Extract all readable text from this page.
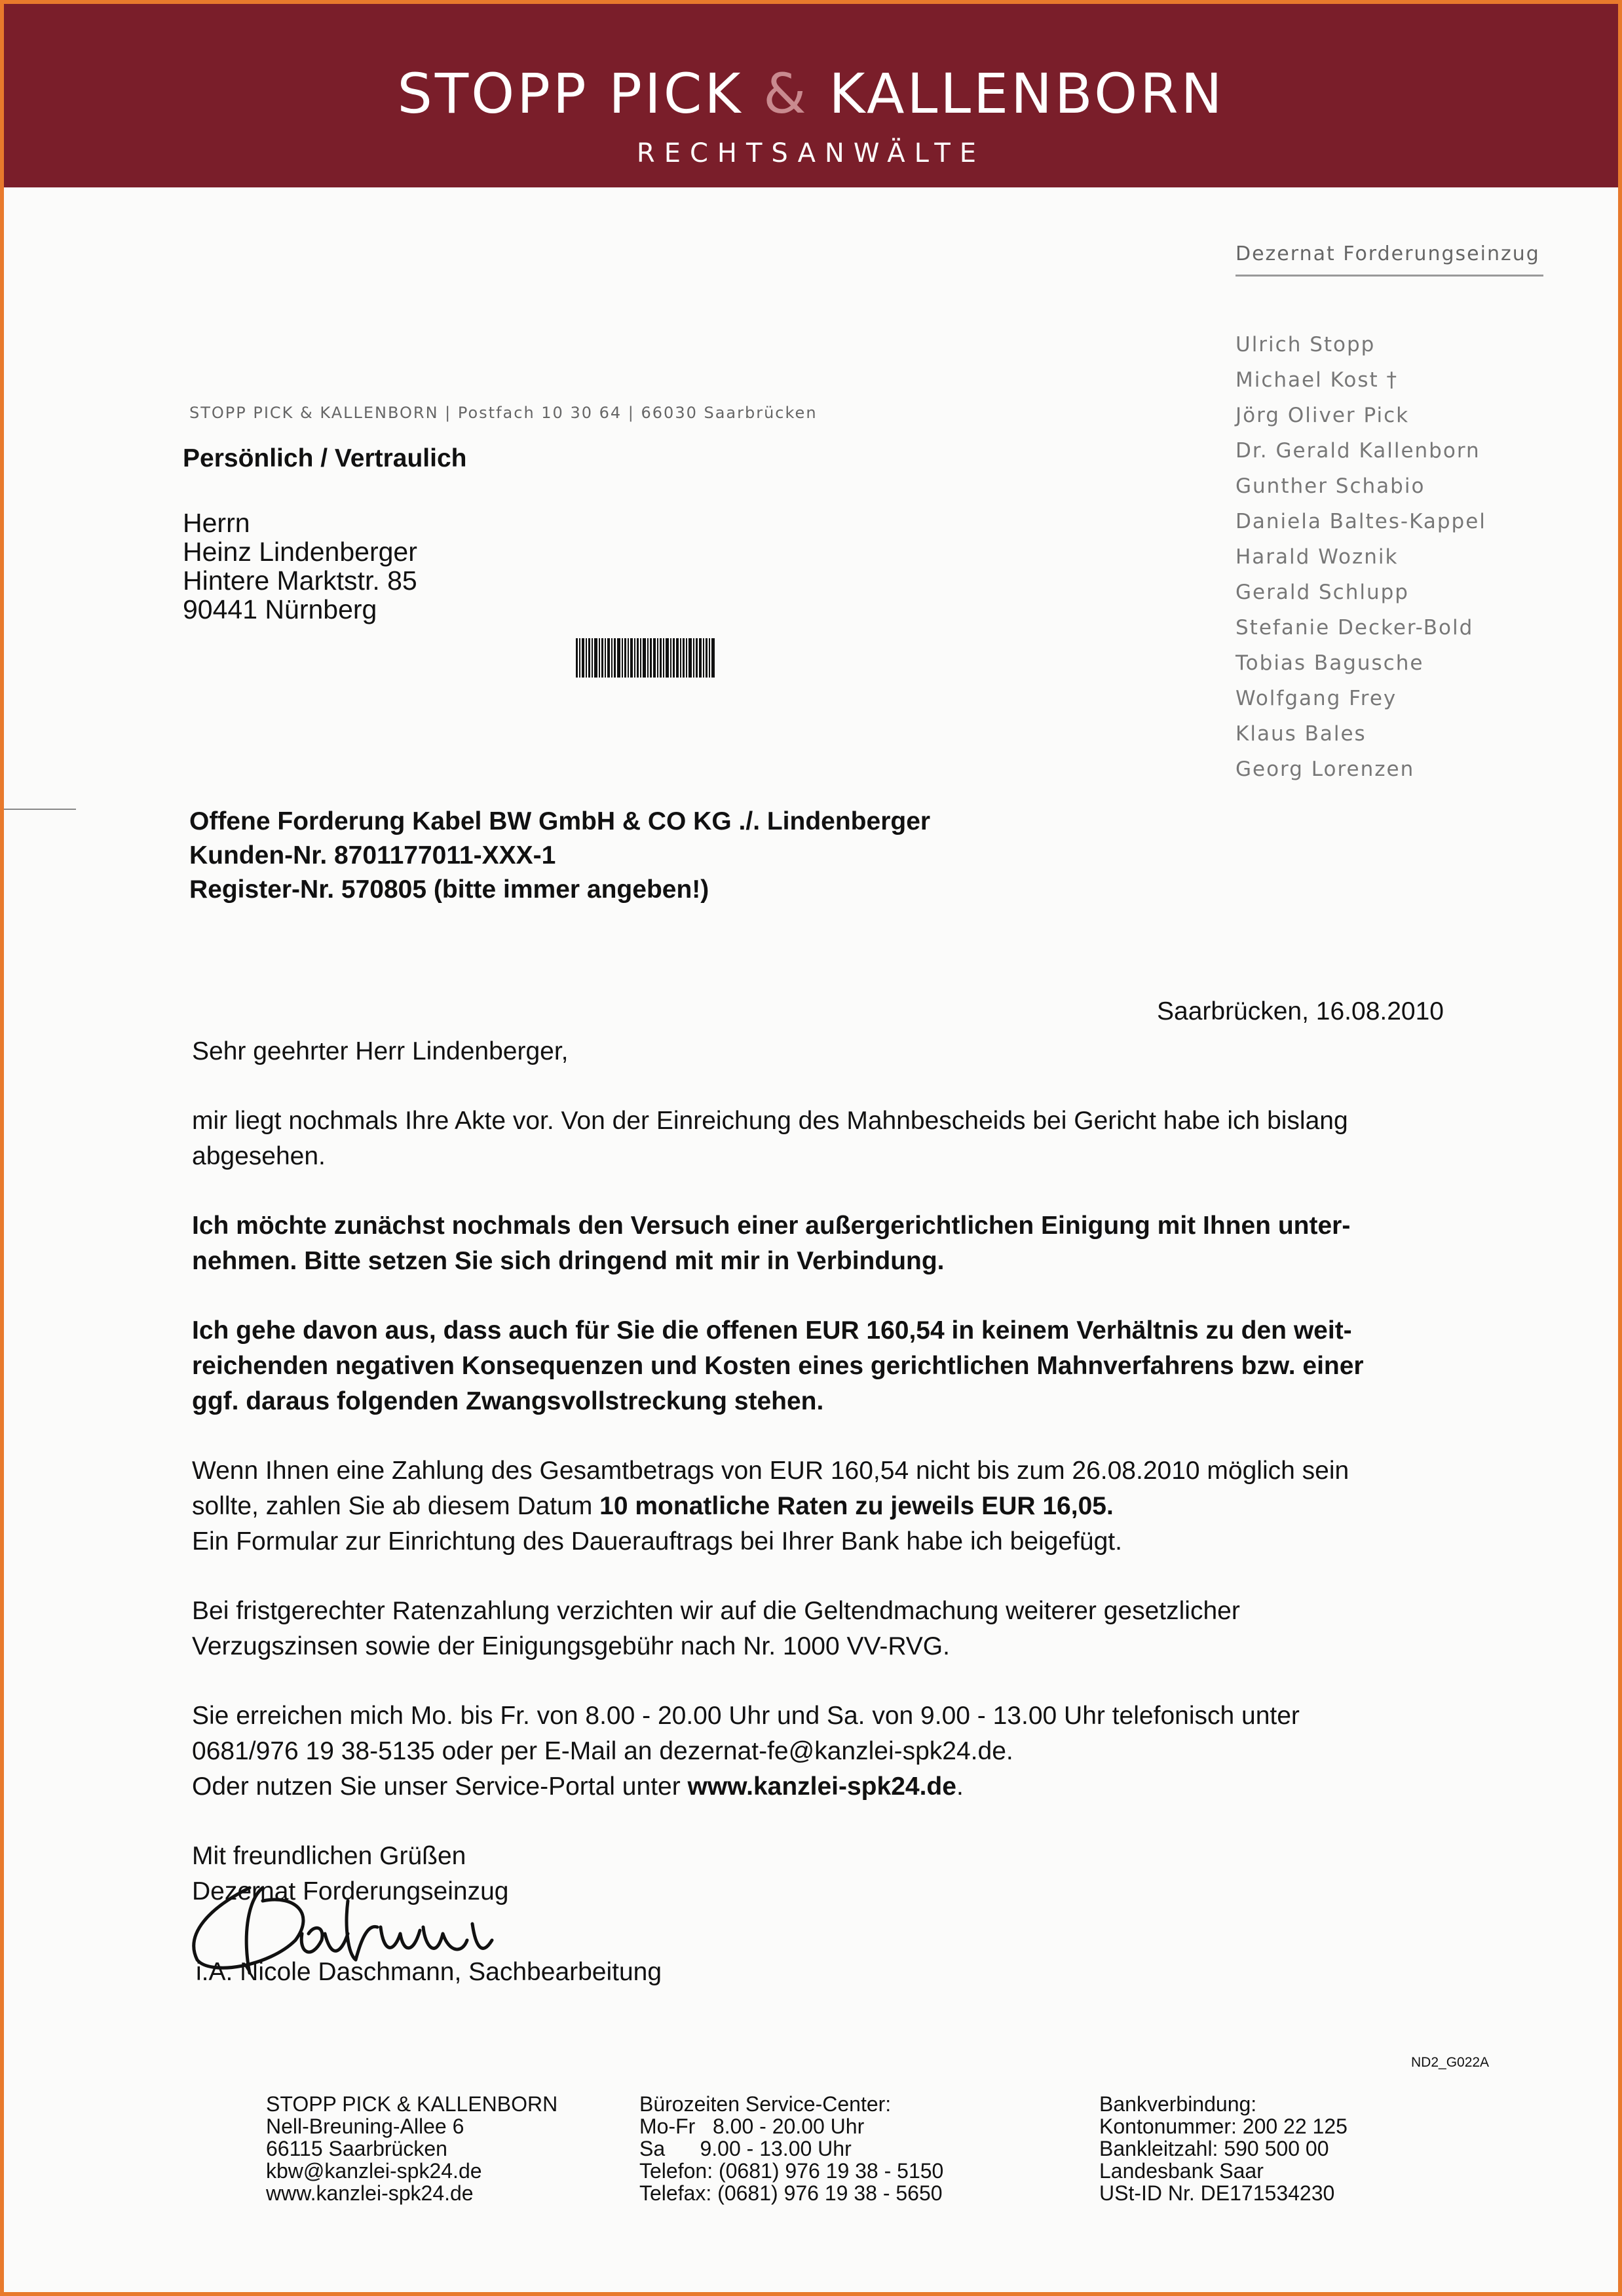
STOPP PICK & KALLENBORN
RECHTSANWÄLTE
Dezernat Forderungseinzug
Ulrich Stopp
Michael Kost †
Jörg Oliver Pick
Dr. Gerald Kallenborn
Gunther Schabio
Daniela Baltes-Kappel
Harald Woznik
Gerald Schlupp
Stefanie Decker-Bold
Tobias Bagusche
Wolfgang Frey
Klaus Bales
Georg Lorenzen
STOPP PICK & KALLENBORN | Postfach 10 30 64 | 66030 Saarbrücken
Persönlich / Vertraulich
Herrn
Heinz Lindenberger
Hintere Marktstr. 85
90441 Nürnberg
Offene Forderung Kabel BW GmbH & CO KG ./. Lindenberger
Kunden-Nr. 8701177011-XXX-1
Register-Nr. 570805 (bitte immer angeben!)
Saarbrücken, 16.08.2010

Sehr geehrter Herr Lindenberger,

mir liegt nochmals Ihre Akte vor. Von der Einreichung des Mahnbescheids bei Gericht habe ich bislang
abgesehen.

Ich möchte zunächst nochmals den Versuch einer außergerichtlichen Einigung mit Ihnen unter-
nehmen. Bitte setzen Sie sich dringend mit mir in Verbindung.

Ich gehe davon aus, dass auch für Sie die offenen EUR 160,54 in keinem Verhältnis zu den weit-
reichenden negativen Konsequenzen und Kosten eines gerichtlichen Mahnverfahrens bzw. einer
ggf. daraus folgenden Zwangsvollstreckung stehen.

Wenn Ihnen eine Zahlung des Gesamtbetrags von EUR 160,54 nicht bis zum 26.08.2010 möglich sein
sollte, zahlen Sie ab diesem Datum 10 monatliche Raten zu jeweils EUR 16,05.
Ein Formular zur Einrichtung des Dauerauftrags bei Ihrer Bank habe ich beigefügt.

Bei fristgerechter Ratenzahlung verzichten wir auf die Geltendmachung weiterer gesetzlicher
Verzugszinsen sowie der Einigungsgebühr nach Nr. 1000 VV-RVG.

Sie erreichen mich Mo. bis Fr. von 8.00 - 20.00 Uhr und Sa. von 9.00 - 13.00 Uhr telefonisch unter
0681/976 19 38-5135 oder per E-Mail an dezernat-fe@kanzlei-spk24.de.
Oder nutzen Sie unser Service-Portal unter www.kanzlei-spk24.de.

Mit freundlichen Grüßen
Dezernat Forderungseinzug

i.A. Nicole Daschmann, Sachbearbeitung
ND2_G022A
STOPP PICK & KALLENBORN
Nell-Breuning-Allee 6
66115 Saarbrücken
kbw@kanzlei-spk24.de
www.kanzlei-spk24.de
Bürozeiten Service-Center:
Mo-Fr   8.00 - 20.00 Uhr
Sa      9.00 - 13.00 Uhr
Telefon: (0681) 976 19 38 - 5150
Telefax: (0681) 976 19 38 - 5650
Bankverbindung:
Kontonummer: 200 22 125
Bankleitzahl: 590 500 00
Landesbank Saar
USt-ID Nr. DE171534230
